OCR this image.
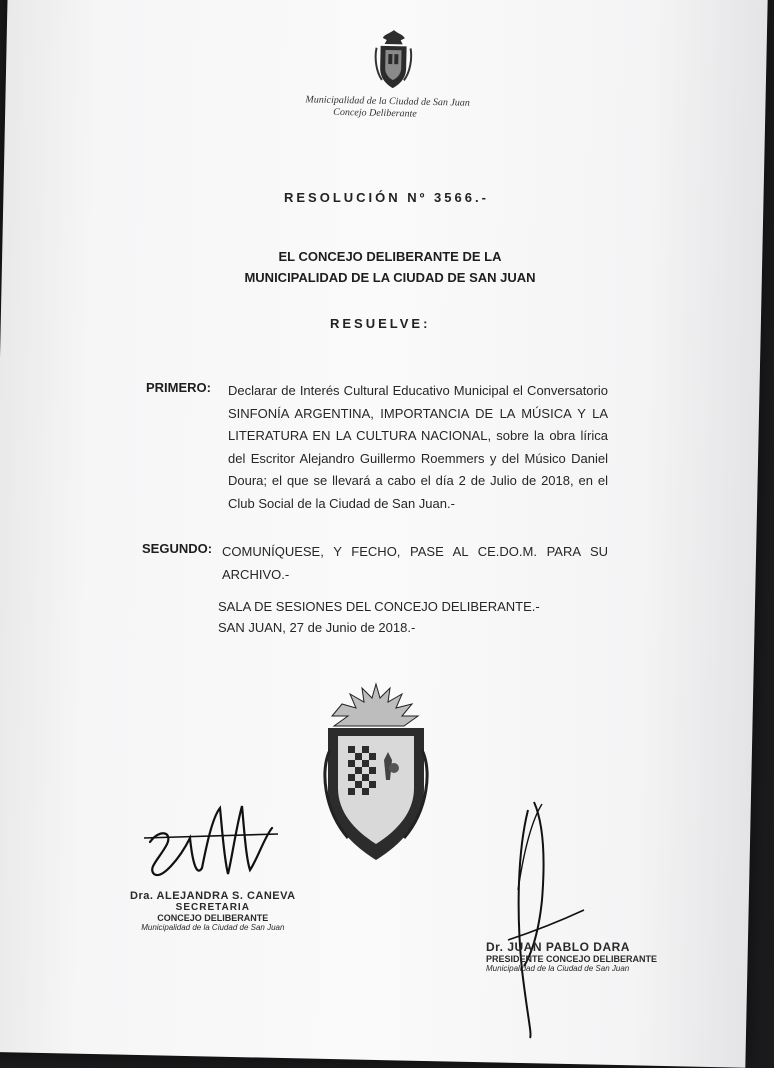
Municipalidad de la Ciudad de San Juan
Concejo Deliberante
RESOLUCIÓN Nº 3566.-
EL CONCEJO DELIBERANTE DE LA
MUNICIPALIDAD DE LA CIUDAD DE SAN JUAN
RESUELVE:
PRIMERO: Declarar de Interés Cultural Educativo Municipal el Conversatorio SINFONÍA ARGENTINA, IMPORTANCIA DE LA MÚSICA Y LA LITERATURA EN LA CULTURA NACIONAL, sobre la obra lírica del Escritor Alejandro Guillermo Roemmers y del Músico Daniel Doura; el que se llevará a cabo el día 2 de Julio de 2018, en el Club Social de la Ciudad de San Juan.-
SEGUNDO: COMUNÍQUESE, Y FECHO, PASE AL CE.DO.M. PARA SU ARCHIVO.-
SALA DE SESIONES DEL CONCEJO DELIBERANTE.-
SAN JUAN, 27 de Junio de 2018.-
Dra. ALEJANDRA S. CANEVA
SECRETARIA
CONCEJO DELIBERANTE
Municipalidad de la Ciudad de San Juan
Dr. JUAN PABLO DARA
PRESIDENTE CONCEJO DELIBERANTE
Municipalidad de la Ciudad de San Juan
